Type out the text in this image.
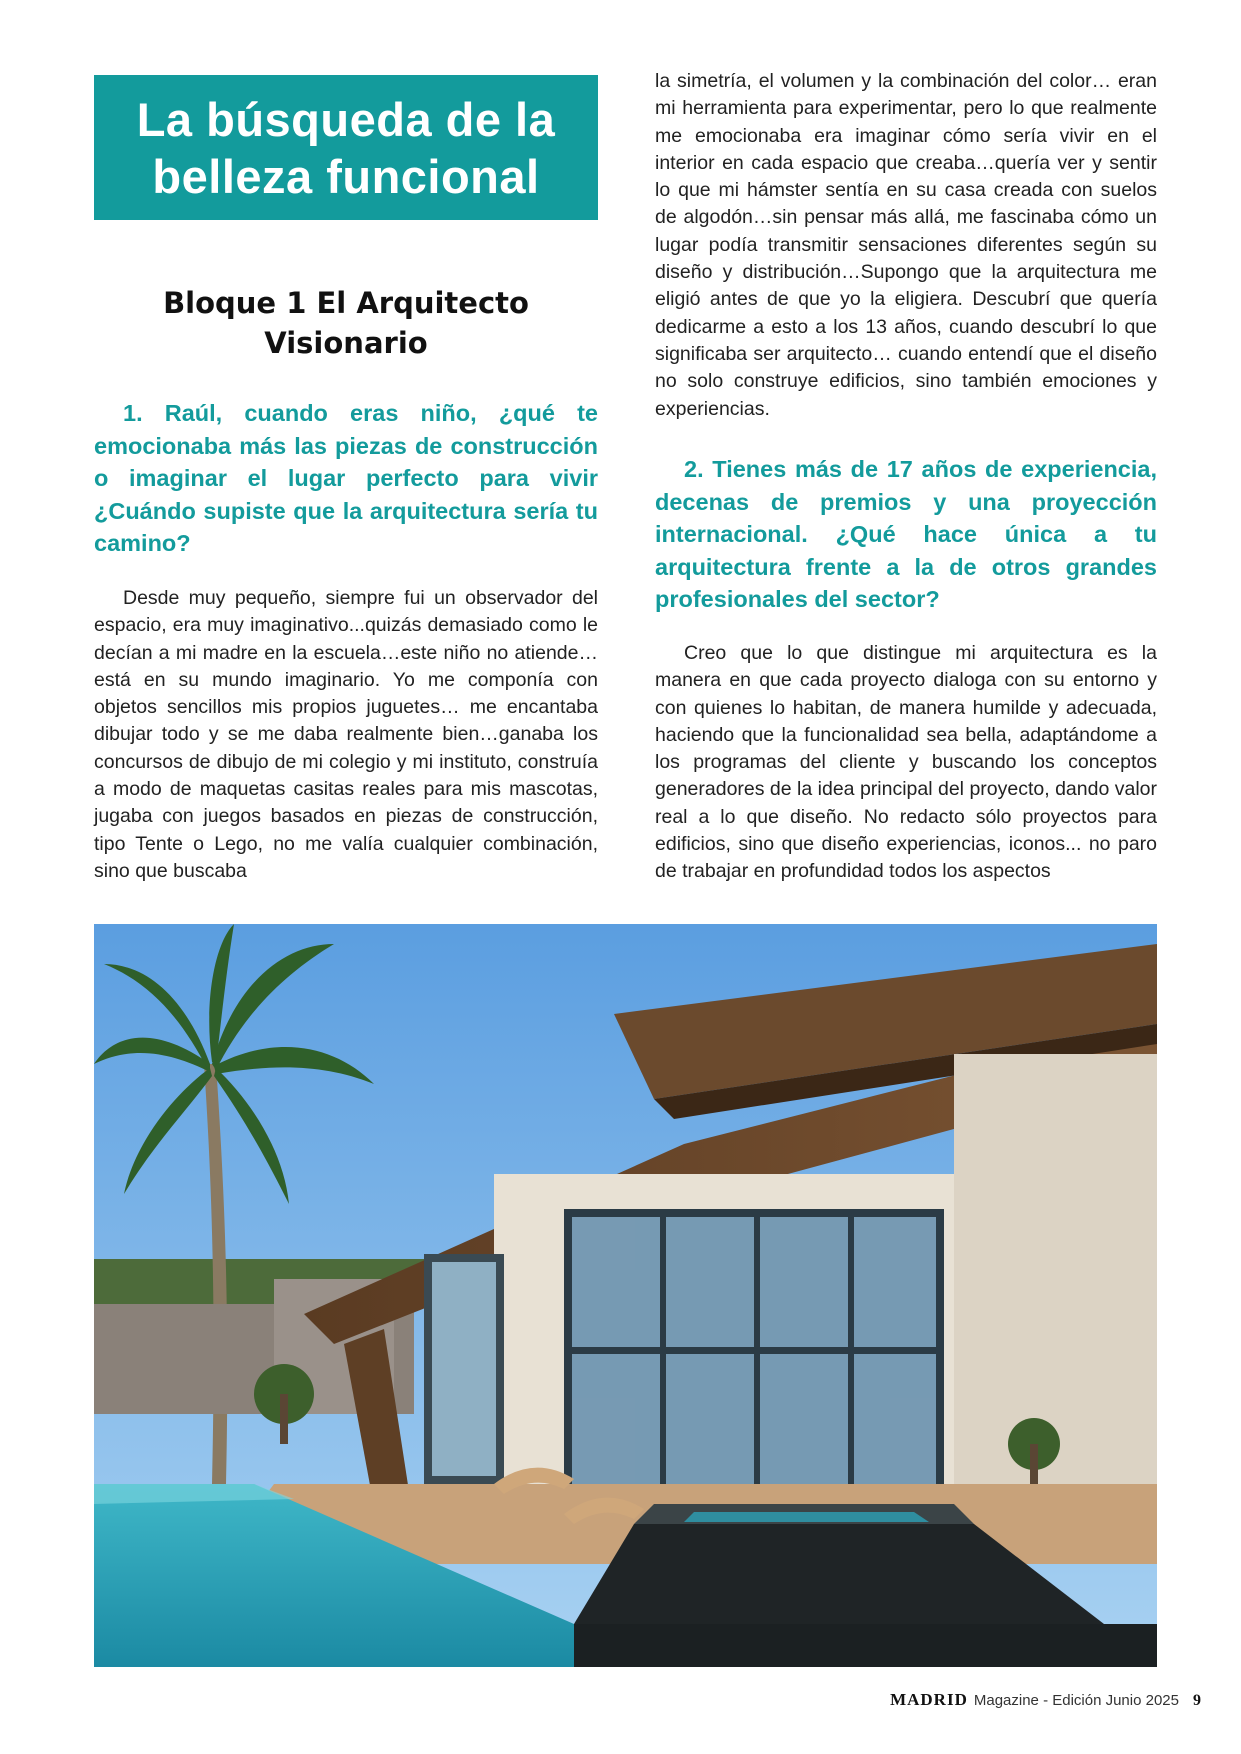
La búsqueda de la belleza funcional
Bloque 1 El Arquitecto Visionario
1. Raúl, cuando eras niño, ¿qué te emocionaba más las piezas de construcción o imaginar el lugar perfecto para vivir ¿Cuándo supiste que la arquitectura sería tu camino?
Desde muy pequeño, siempre fui un observador del espacio, era muy imaginativo...quizás demasiado como le decían a mi madre en la escuela…este niño no atiende…está en su mundo imaginario. Yo me componía con objetos sencillos mis propios juguetes… me encantaba dibujar todo y se me daba realmente bien…ganaba los concursos de dibujo de mi colegio y mi instituto, construía a modo de maquetas casitas reales para mis mascotas, jugaba con juegos basados en piezas de construcción, tipo Tente o Lego, no me valía cualquier combinación, sino que buscaba
la simetría, el volumen y la combinación del color… eran mi herramienta para experimentar, pero lo que realmente me emocionaba era imaginar cómo sería vivir en el interior en cada espacio que creaba…quería ver y sentir lo que mi hámster sentía en su casa creada con suelos de algodón…sin pensar más allá, me fascinaba cómo un lugar podía transmitir sensaciones diferentes según su diseño y distribución…Supongo que la arquitectura me eligió antes de que yo la eligiera. Descubrí que quería dedicarme a esto a los 13 años, cuando descubrí lo que significaba ser arquitecto… cuando entendí que el diseño no solo construye edificios, sino también emociones y experiencias.
2. Tienes más de 17 años de experiencia, decenas de premios y una proyección internacional. ¿Qué hace única a tu arquitectura frente a la de otros grandes profesionales del sector?
Creo que lo que distingue mi arquitectura es la manera en que cada proyecto dialoga con su entorno y con quienes lo habitan, de manera humilde y adecuada, haciendo que la funcionalidad sea bella, adaptándome a los programas del cliente y buscando los conceptos generadores de la idea principal del proyecto, dando valor real a lo que diseño. No redacto sólo proyectos para edificios, sino que diseño experiencias, iconos... no paro de trabajar en profundidad todos los aspectos
MADRID Magazine - Edición Junio 2025 9
